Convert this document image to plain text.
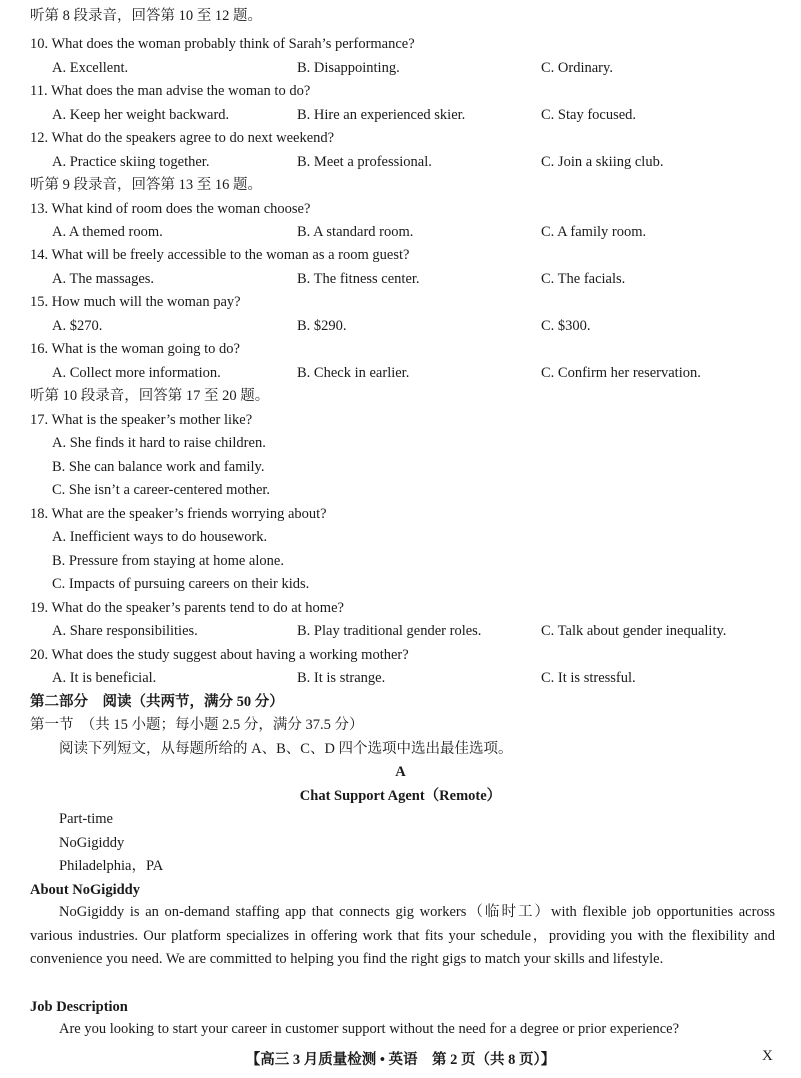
听第 8 段录音，回答第 10 至 12 题。
10. What does the woman probably think of Sarah’s performance?
A. Excellent.	B. Disappointing.	C. Ordinary.
11. What does the man advise the woman to do?
A. Keep her weight backward.	B. Hire an experienced skier.	C. Stay focused.
12. What do the speakers agree to do next weekend?
A. Practice skiing together.	B. Meet a professional.	C. Join a skiing club.
听第 9 段录音，回答第 13 至 16 题。
13. What kind of room does the woman choose?
A. A themed room.	B. A standard room.	C. A family room.
14. What will be freely accessible to the woman as a room guest?
A. The massages.	B. The fitness center.	C. The facials.
15. How much will the woman pay?
A. $270.	B. $290.	C. $300.
16. What is the woman going to do?
A. Collect more information.	B. Check in earlier.	C. Confirm her reservation.
听第 10 段录音，回答第 17 至 20 题。
17. What is the speaker’s mother like?
A. She finds it hard to raise children.
B. She can balance work and family.
C. She isn’t a career-centered mother.
18. What are the speaker’s friends worrying about?
A. Inefficient ways to do housework.
B. Pressure from staying at home alone.
C. Impacts of pursuing careers on their kids.
19. What do the speaker’s parents tend to do at home?
A. Share responsibilities.	B. Play traditional gender roles.	C. Talk about gender inequality.
20. What does the study suggest about having a working mother?
A. It is beneficial.	B. It is strange.	C. It is stressful.
第二部分　阅读（共两节，满分 50 分）
第一节　（共 15 小题；每小题 2.5 分，满分 37.5 分）
阅读下列短文，从每题所给的 A、B、C、D 四个选项中选出最佳选项。
A
Chat Support Agent（Remote）
Part-time
NoGigiddy
Philadelphia，PA
About NoGigiddy
NoGigiddy is an on-demand staffing app that connects gig workers（临时工）with flexible job opportunities across various industries. Our platform specializes in offering work that fits your schedule，providing you with the flexibility and convenience you need. We are committed to helping you find the right gigs to match your skills and lifestyle.
Job Description
Are you looking to start your career in customer support without the need for a degree or prior experience?
【高三 3 月质量检测 • 英语　第 2 页（共 8 页）】	X
